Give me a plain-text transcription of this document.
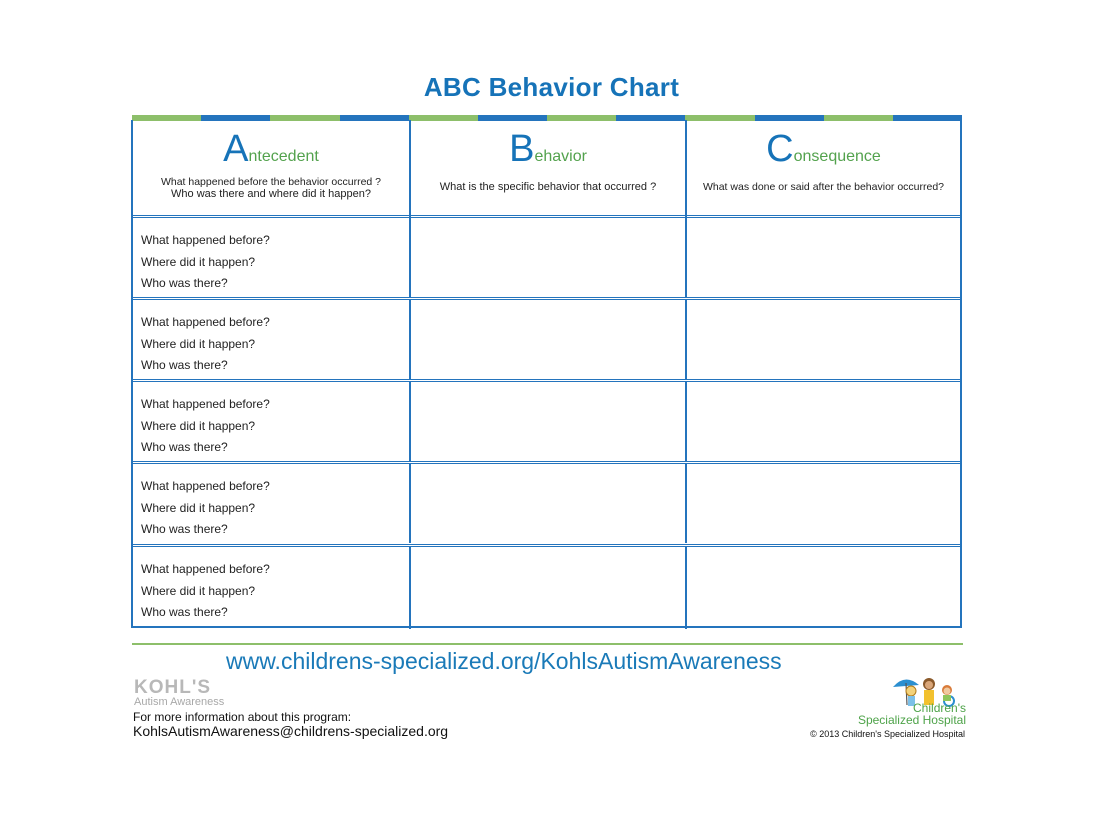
ABC Behavior Chart
Antecedent
What happened before the behavior occurred ?
Who was there and where did it happen?
Behavior
What is the specific behavior that occurred ?
Consequence
What was done or said after the behavior occurred?
What happened before?
Where did it happen?
Who was there?
What happened before?
Where did it happen?
Who was there?
What happened before?
Where did it happen?
Who was there?
What happened before?
Where did it happen?
Who was there?
What happened before?
Where did it happen?
Who was there?
www.childrens-specialized.org/KohlsAutismAwareness
KOHL'S
Autism Awareness
For more information about this program:
KohlsAutismAwareness@childrens-specialized.org
Children's
Specialized Hospital
© 2013 Children's Specialized Hospital
